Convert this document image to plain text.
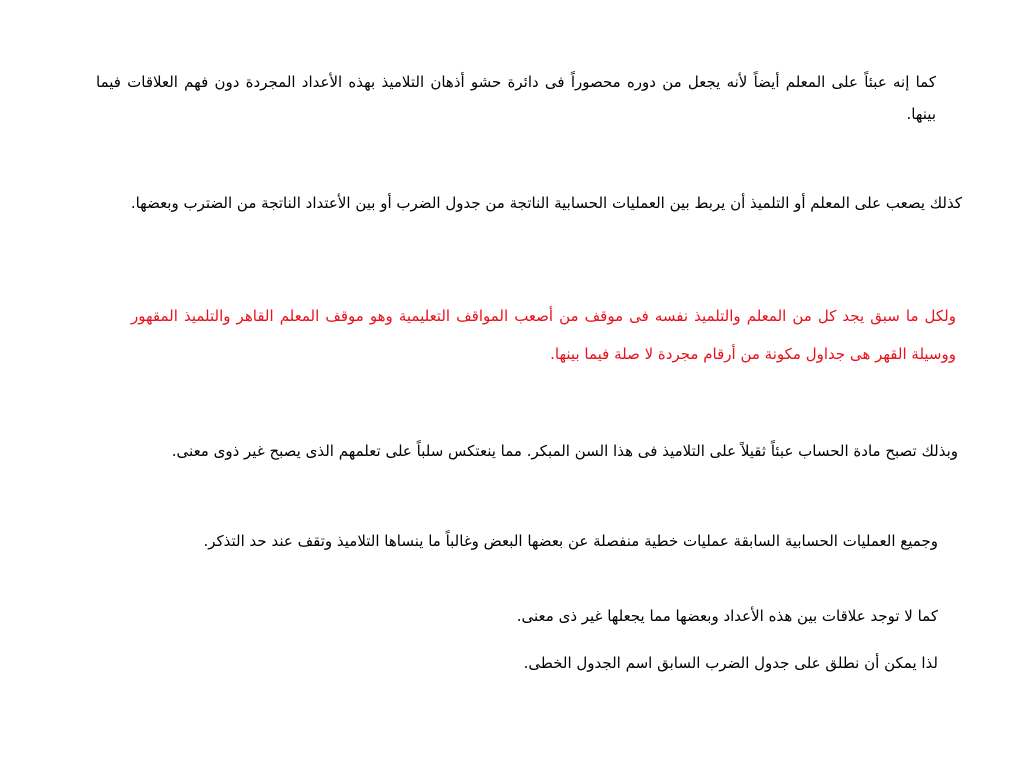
كما إنه عبئاً على المعلم أيضاً لأنه يجعل من دوره محصوراً فى دائرة حشو أذهان التلاميذ بهذه الأعداد المجردة دون فهم العلاقات فيما بينها.

كذلك يصعب على المعلم أو التلميذ أن يربط بين العمليات الحسابية الناتجة من جدول الضرب أو بين الأعتداد الناتجة من الضترب وبعضها.

ولكل ما سبق يجد كل من المعلم والتلميذ نفسه فى موقف من أصعب المواقف التعليمية وهو موقف المعلم القاهر والتلميذ المقهور ووسيلة القهر هى جداول مكونة من أرقام مجردة لا صلة فيما بينها.

وبذلك تصبح مادة الحساب عبئاً ثقيلاً على التلاميذ فى هذا السن المبكر. مما ينعتكس سلباً على تعلمهم الذى يصبح غير ذوى معنى.

وجميع العمليات الحسابية السابقة عمليات خطية منفصلة عن بعضها البعض وغالباً ما ينساها التلاميذ وتقف عند حد التذكر.

كما لا توجد علاقات بين هذه الأعداد وبعضها مما يجعلها غير ذى معنى.

لذا يمكن أن نطلق على جدول الضرب السابق اسم الجدول الخطى.
